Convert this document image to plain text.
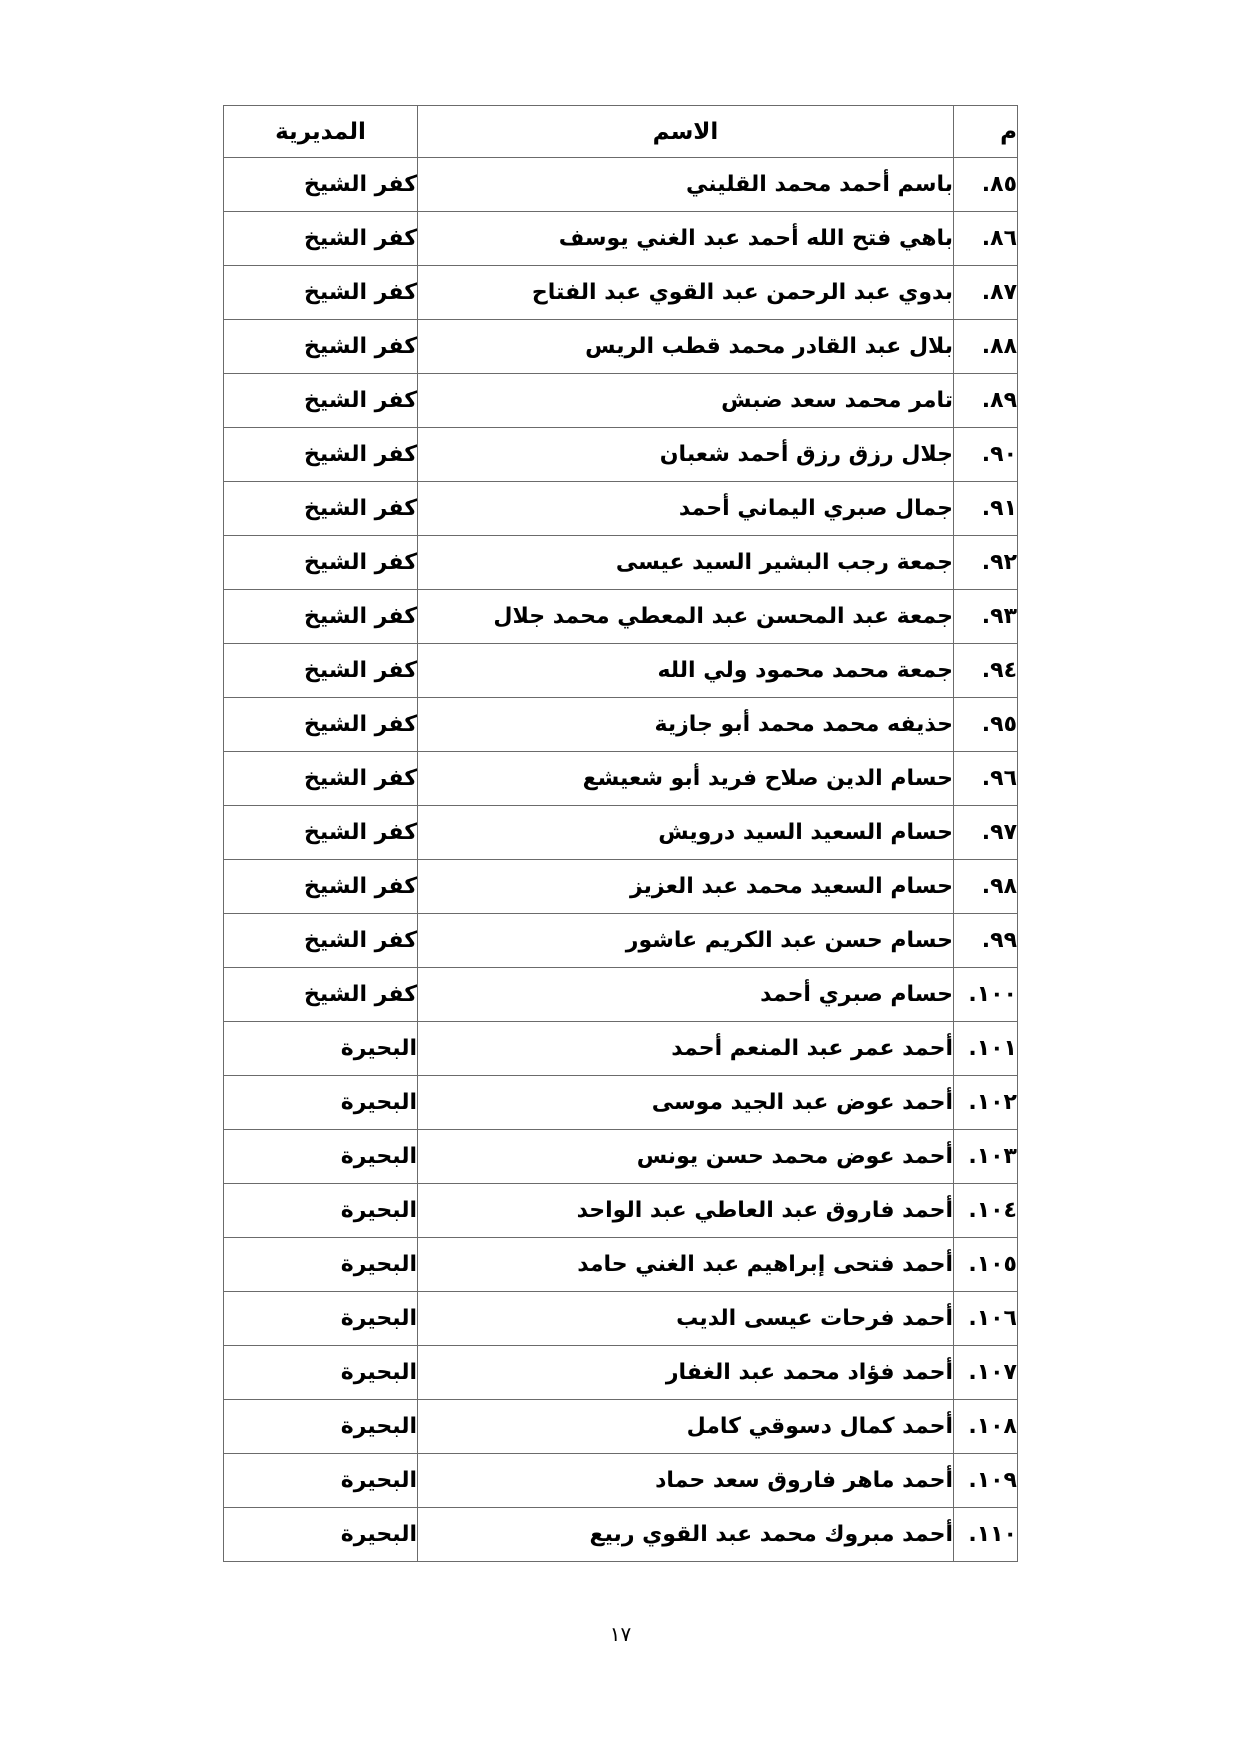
م	الاسم	المديرية
٨٥.	باسم أحمد محمد القليني	كفر الشيخ
٨٦.	باهي فتح الله أحمد عبد الغني يوسف	كفر الشيخ
٨٧.	بدوي عبد الرحمن عبد القوي عبد الفتاح	كفر الشيخ
٨٨.	بلال عبد القادر محمد قطب الريس	كفر الشيخ
٨٩.	تامر محمد سعد ضبش	كفر الشيخ
٩٠.	جلال رزق رزق أحمد شعبان	كفر الشيخ
٩١.	جمال صبري اليماني أحمد	كفر الشيخ
٩٢.	جمعة رجب البشير السيد عيسى	كفر الشيخ
٩٣.	جمعة عبد المحسن عبد المعطي محمد جلال	كفر الشيخ
٩٤.	جمعة محمد محمود ولي الله	كفر الشيخ
٩٥.	حذيفه محمد محمد أبو جازية	كفر الشيخ
٩٦.	حسام الدين صلاح فريد أبو شعيشع	كفر الشيخ
٩٧.	حسام السعيد السيد درويش	كفر الشيخ
٩٨.	حسام السعيد محمد عبد العزيز	كفر الشيخ
٩٩.	حسام حسن عبد الكريم عاشور	كفر الشيخ
١٠٠.	حسام صبري أحمد	كفر الشيخ
١٠١.	أحمد عمر عبد المنعم أحمد	البحيرة
١٠٢.	أحمد عوض عبد الجيد موسى	البحيرة
١٠٣.	أحمد عوض محمد حسن يونس	البحيرة
١٠٤.	أحمد فاروق عبد العاطي عبد الواحد	البحيرة
١٠٥.	أحمد فتحى إبراهيم عبد الغني حامد	البحيرة
١٠٦.	أحمد فرحات عيسى الديب	البحيرة
١٠٧.	أحمد فؤاد محمد عبد الغفار	البحيرة
١٠٨.	أحمد كمال دسوقي كامل	البحيرة
١٠٩.	أحمد ماهر فاروق سعد حماد	البحيرة
١١٠.	أحمد مبروك محمد عبد القوي ربيع	البحيرة
١٧
